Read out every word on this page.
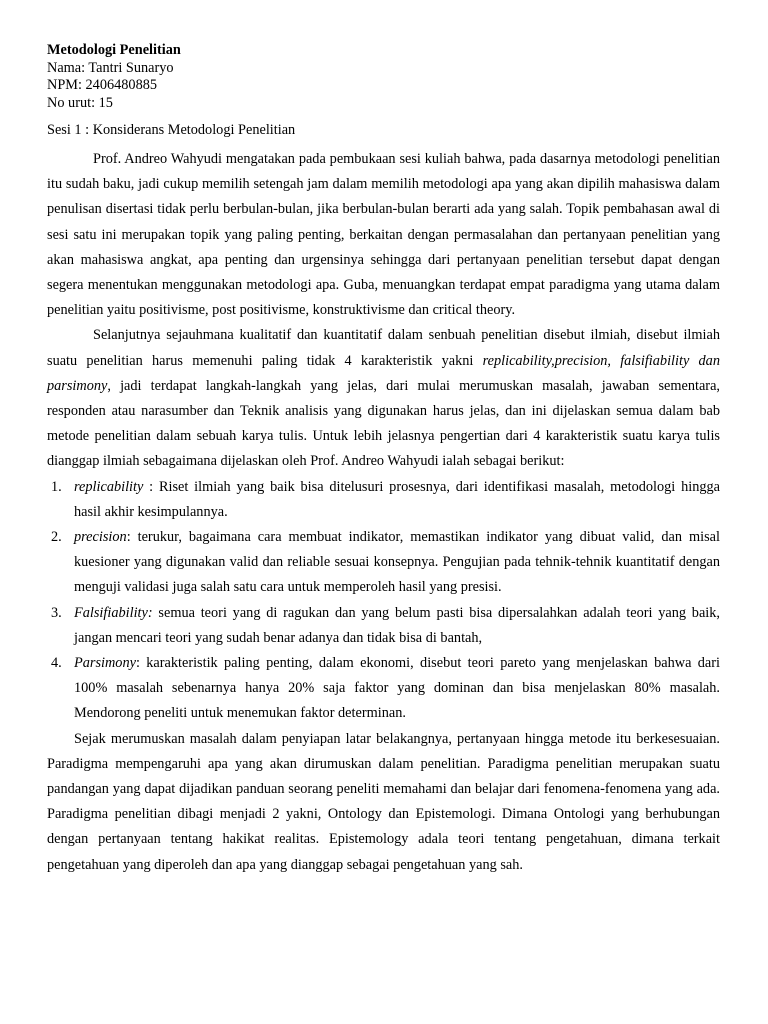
Metodologi Penelitian

Nama: Tantri Sunaryo

NPM: 2406480885

No urut: 15

Sesi 1 : Konsiderans Metodologi Penelitian

Prof. Andreo Wahyudi mengatakan pada pembukaan sesi kuliah bahwa, pada dasarnya metodologi penelitian itu sudah baku, jadi cukup memilih setengah jam dalam memilih metodologi apa yang akan dipilih mahasiswa dalam penulisan disertasi tidak perlu berbulan-bulan, jika berbulan-bulan berarti ada yang salah. Topik pembahasan awal di sesi satu ini merupakan topik yang paling penting, berkaitan dengan permasalahan dan pertanyaan penelitian yang akan mahasiswa angkat, apa penting dan urgensinya sehingga dari pertanyaan penelitian tersebut dapat dengan segera menentukan menggunakan metodologi apa. Guba, menuangkan terdapat empat paradigma yang utama dalam penelitian yaitu positivisme, post positivisme, konstruktivisme dan critical theory.

Selanjutnya sejauhmana kualitatif dan kuantitatif dalam senbuah penelitian disebut ilmiah, disebut ilmiah suatu penelitian harus memenuhi paling tidak 4 karakteristik yakni replicability,precision, falsifiability dan parsimony, jadi terdapat langkah-langkah yang jelas, dari mulai merumuskan masalah, jawaban sementara, responden atau narasumber dan Teknik analisis yang digunakan harus jelas, dan ini dijelaskan semua dalam bab metode penelitian dalam sebuah karya tulis. Untuk lebih jelasnya pengertian dari 4 karakteristik suatu karya tulis dianggap ilmiah sebagaimana dijelaskan oleh Prof. Andreo Wahyudi ialah sebagai berikut:

1. replicability : Riset ilmiah yang baik bisa ditelusuri prosesnya, dari identifikasi masalah, metodologi hingga hasil akhir kesimpulannya.
2. precision: terukur, bagaimana cara membuat indikator, memastikan indikator yang dibuat valid, dan misal kuesioner yang digunakan valid dan reliable sesuai konsepnya. Pengujian pada tehnik-tehnik kuantitatif dengan menguji validasi juga salah satu cara untuk memperoleh hasil yang presisi.
3. Falsifiability: semua teori yang di ragukan dan yang belum pasti bisa dipersalahkan adalah teori yang baik, jangan mencari teori yang sudah benar adanya dan tidak bisa di bantah,
4. Parsimony: karakteristik paling penting, dalam ekonomi, disebut teori pareto yang menjelaskan bahwa dari 100% masalah sebenarnya hanya 20% saja faktor yang dominan dan bisa menjelaskan 80% masalah. Mendorong peneliti untuk menemukan faktor determinan.

Sejak merumuskan masalah dalam penyiapan latar belakangnya, pertanyaan hingga metode itu berkesesuaian. Paradigma mempengaruhi apa yang akan dirumuskan dalam penelitian. Paradigma penelitian merupakan suatu pandangan yang dapat dijadikan panduan seorang peneliti memahami dan belajar dari fenomena-fenomena yang ada. Paradigma penelitian dibagi menjadi 2 yakni, Ontology dan Epistemologi. Dimana Ontologi yang berhubungan dengan pertanyaan tentang hakikat realitas. Epistemology adala teori tentang pengetahuan, dimana terkait pengetahuan yang diperoleh dan apa yang dianggap sebagai pengetahuan yang sah.
